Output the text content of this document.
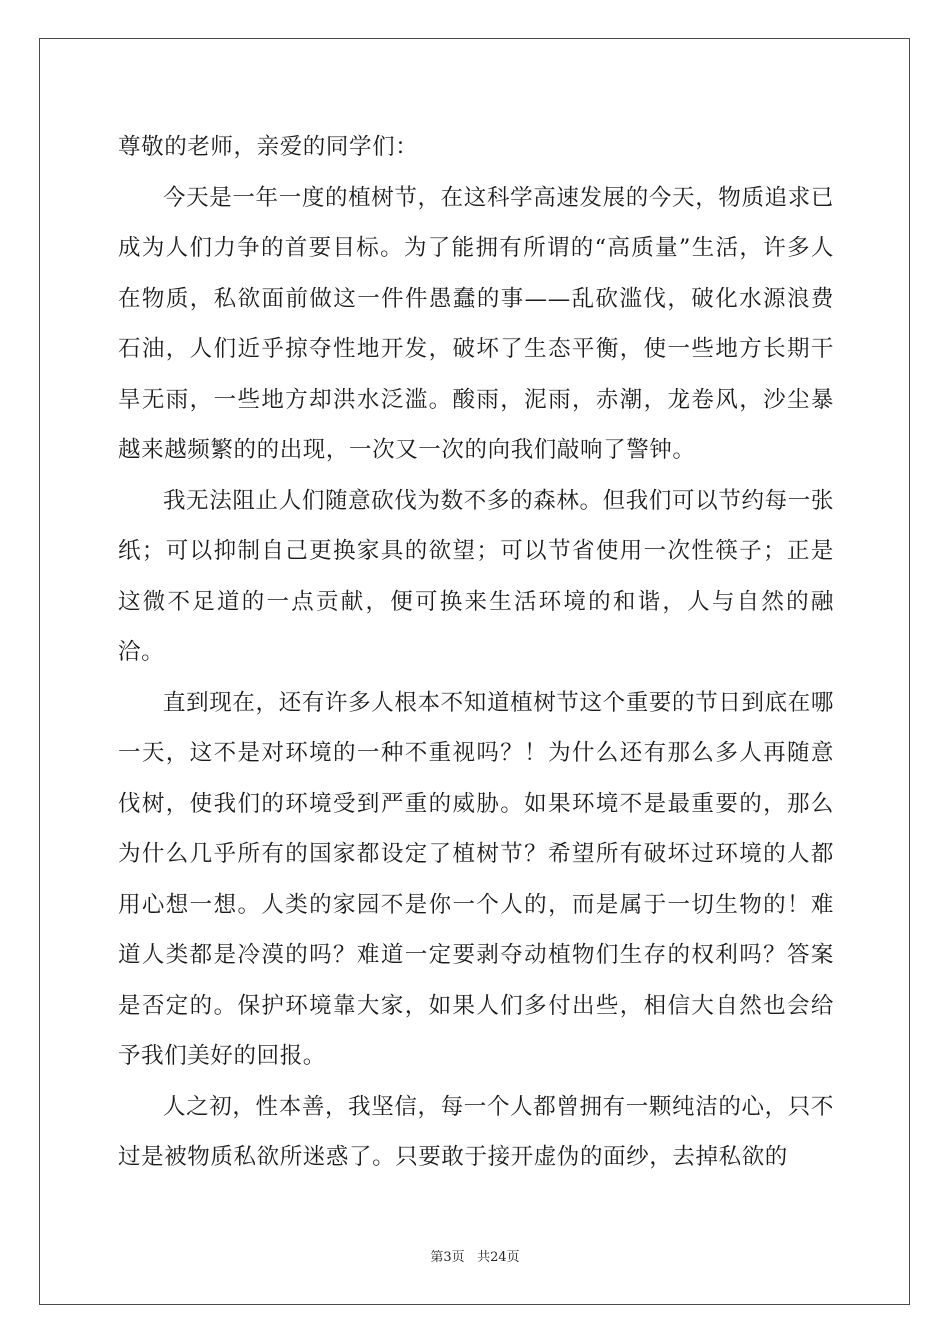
尊敬的老师，亲爱的同学们：

今天是一年一度的植树节，在这科学高速发展的今天，物质追求已成为人们力争的首要目标。为了能拥有所谓的“高质量”生活，许多人在物质，私欲面前做这一件件愚蠢的事——乱砍滥伐，破化水源浪费石油，人们近乎掠夺性地开发，破坏了生态平衡，使一些地方长期干旱无雨，一些地方却洪水泛滥。酸雨，泥雨，赤潮，龙卷风，沙尘暴越来越频繁的的出现，一次又一次的向我们敲响了警钟。

我无法阻止人们随意砍伐为数不多的森林。但我们可以节约每一张纸；可以抑制自己更换家具的欲望；可以节省使用一次性筷子；正是这微不足道的一点贡献，便可换来生活环境的和谐，人与自然的融洽。

直到现在，还有许多人根本不知道植树节这个重要的节日到底在哪一天，这不是对环境的一种不重视吗？！为什么还有那么多人再随意伐树，使我们的环境受到严重的威胁。如果环境不是最重要的，那么为什么几乎所有的国家都设定了植树节？希望所有破坏过环境的人都用心想一想。人类的家园不是你一个人的，而是属于一切生物的！难道人类都是冷漠的吗？难道一定要剥夺动植物们生存的权利吗？答案是否定的。保护环境靠大家，如果人们多付出些，相信大自然也会给予我们美好的回报。

人之初，性本善，我坚信，每一个人都曾拥有一颗纯洁的心，只不过是被物质私欲所迷惑了。只要敢于接开虚伪的面纱，去掉私欲的

第3页 共24页
